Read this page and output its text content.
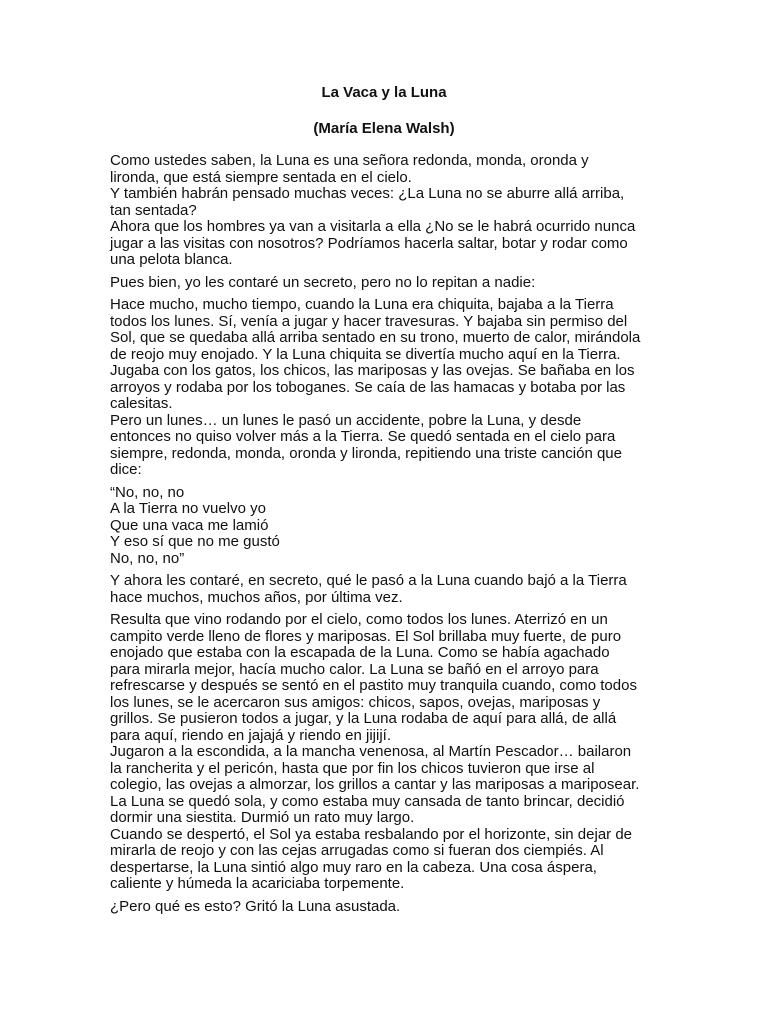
La Vaca y la Luna
(María Elena Walsh)
Como ustedes saben, la Luna es una señora redonda, monda, oronda y
lironda, que está siempre sentada en el cielo.
Y también habrán pensado muchas veces: ¿La Luna no se aburre allá arriba,
tan sentada?
Ahora que los hombres ya van a visitarla a ella ¿No se le habrá ocurrido nunca
jugar a las visitas con nosotros? Podríamos hacerla saltar, botar y rodar como
una pelota blanca.
Pues bien, yo les contaré un secreto, pero no lo repitan a nadie:
Hace mucho, mucho tiempo, cuando la Luna era chiquita, bajaba a la Tierra
todos los lunes. Sí, venía a jugar y hacer travesuras. Y bajaba sin permiso del
Sol, que se quedaba allá arriba sentado en su trono, muerto de calor, mirándola
de reojo muy enojado. Y la Luna chiquita se divertía mucho aquí en la Tierra.
Jugaba con los gatos, los chicos, las mariposas y las ovejas. Se bañaba en los
arroyos y rodaba por los toboganes. Se caía de las hamacas y botaba por las
calesitas.
Pero un lunes… un lunes le pasó un accidente, pobre la Luna, y desde
entonces no quiso volver más a la Tierra. Se quedó sentada en el cielo para
siempre, redonda, monda, oronda y lironda, repitiendo una triste canción que
dice:
“No, no, no
A la Tierra no vuelvo yo
Que una vaca me lamió
Y eso sí que no me gustó
No, no, no”
Y ahora les contaré, en secreto, qué le pasó a la Luna cuando bajó a la Tierra
hace muchos, muchos años, por última vez.
Resulta que vino rodando por el cielo, como todos los lunes. Aterrizó en un
campito verde lleno de flores y mariposas. El Sol brillaba muy fuerte, de puro
enojado que estaba con la escapada de la Luna. Como se había agachado
para mirarla mejor, hacía mucho calor. La Luna se bañó en el arroyo para
refrescarse y después se sentó en el pastito muy tranquila cuando, como todos
los lunes, se le acercaron sus amigos: chicos, sapos, ovejas, mariposas y
grillos. Se pusieron todos a jugar, y la Luna rodaba de aquí para allá, de allá
para aquí, riendo en jajajá y riendo en jijijí.
Jugaron a la escondida, a la mancha venenosa, al Martín Pescador… bailaron
la rancherita y el pericón, hasta que por fin los chicos tuvieron que irse al
colegio, las ovejas a almorzar, los grillos a cantar y las mariposas a mariposear.
La Luna se quedó sola, y como estaba muy cansada de tanto brincar, decidió
dormir una siestita. Durmió un rato muy largo.
Cuando se despertó, el Sol ya estaba resbalando por el horizonte, sin dejar de
mirarla de reojo y con las cejas arrugadas como si fueran dos ciempiés. Al
despertarse, la Luna sintió algo muy raro en la cabeza. Una cosa áspera,
caliente y húmeda la acariciaba torpemente.
¿Pero qué es esto? Gritó la Luna asustada.
